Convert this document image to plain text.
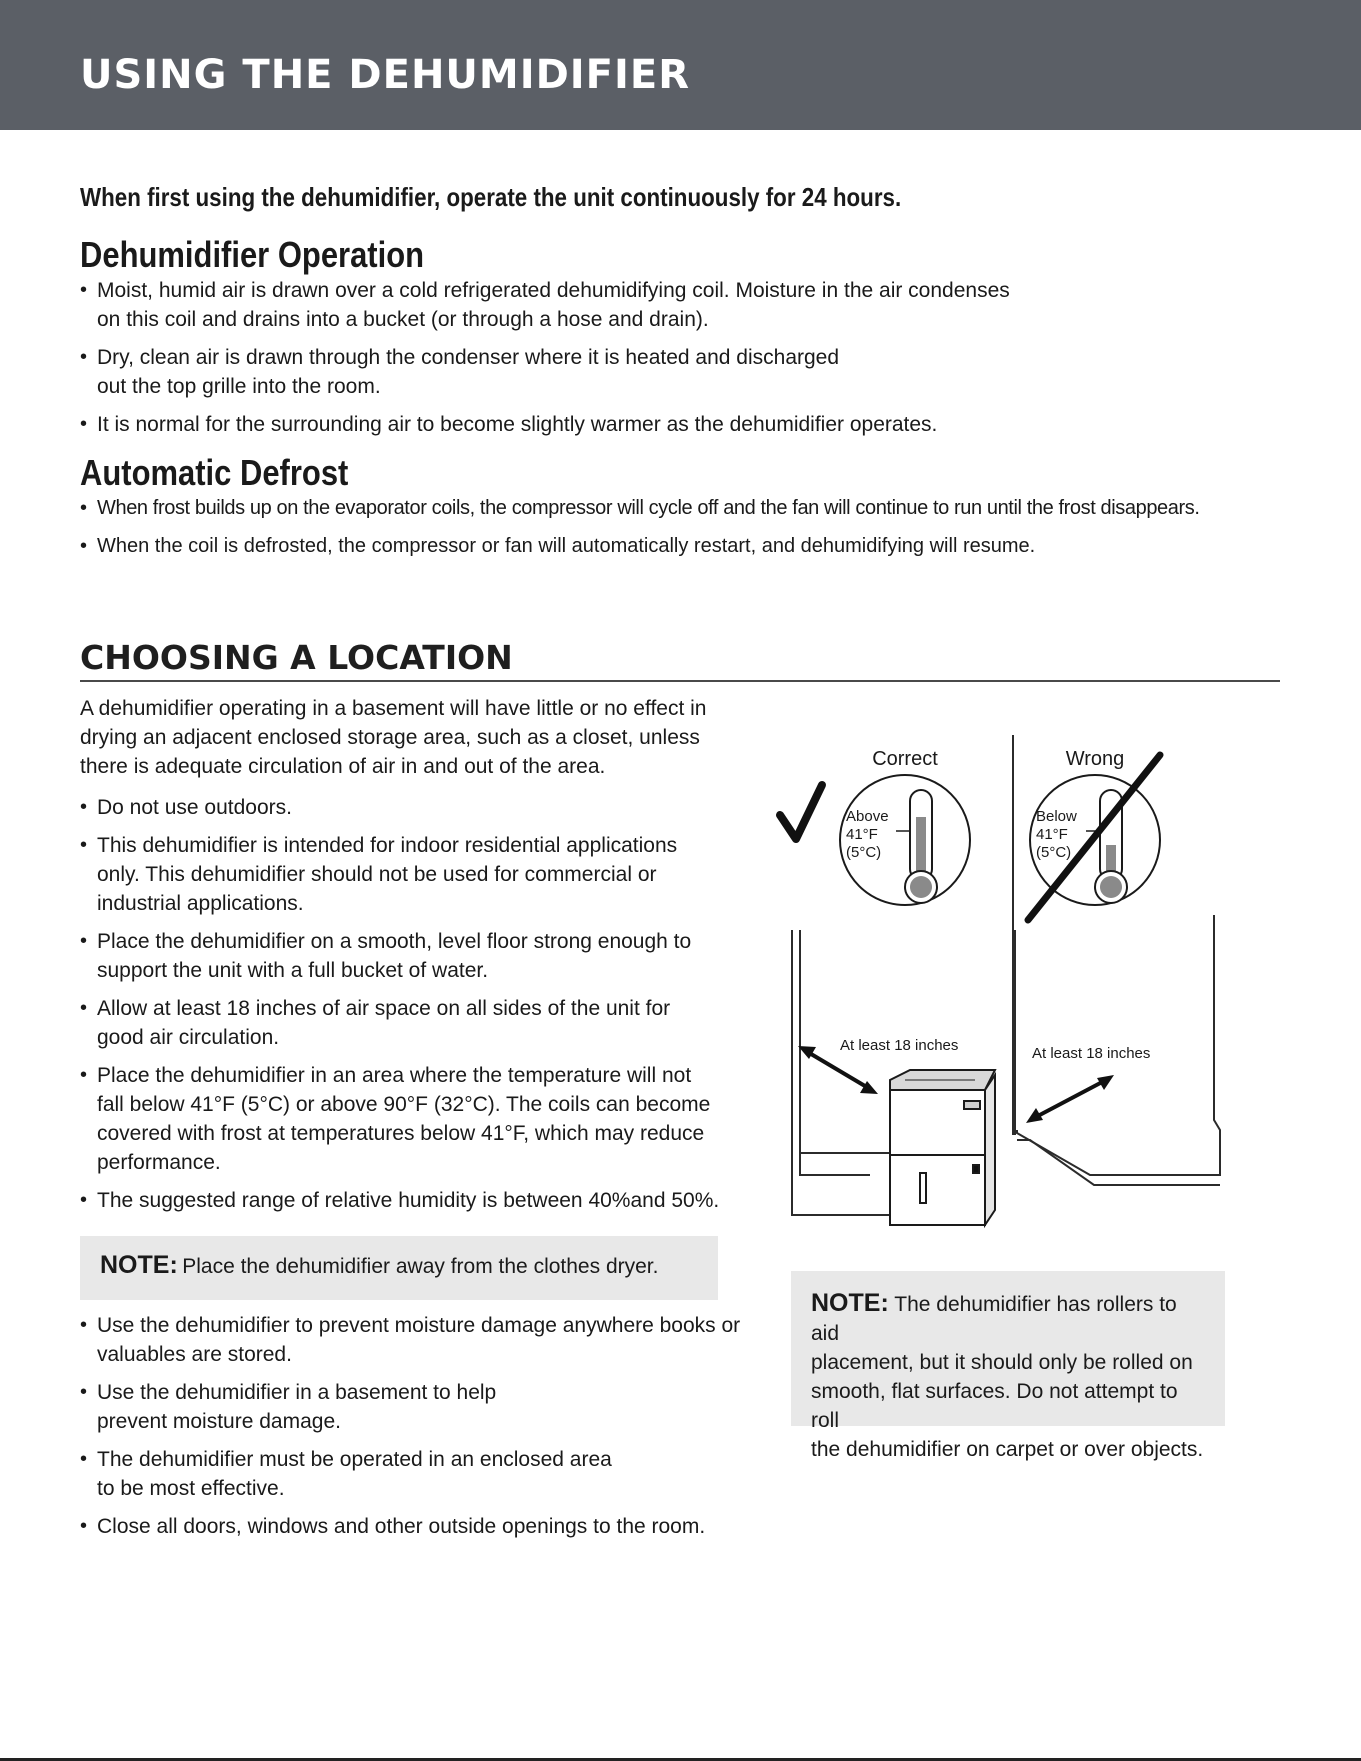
USING THE DEHUMIDIFIER

When first using the dehumidifier, operate the unit continuously for 24 hours.

Dehumidifier Operation
• Moist, humid air is drawn over a cold refrigerated dehumidifying coil. Moisture in the air condenses
on this coil and drains into a bucket (or through a hose and drain).
• Dry, clean air is drawn through the condenser where it is heated and discharged
out the top grille into the room.
• It is normal for the surrounding air to become slightly warmer as the dehumidifier operates.
Automatic Defrost
• When frost builds up on the evaporator coils, the compressor will cycle off and the fan will continue to run until the frost disappears.
• When the coil is defrosted, the compressor or fan will automatically restart, and dehumidifying will resume.
CHOOSING A LOCATION
A dehumidifier operating in a basement will have little or no effect in
drying an adjacent enclosed storage area, such as a closet, unless
there is adequate circulation of air in and out of the area.
• Do not use outdoors.
• This dehumidifier is intended for indoor residential applications
only. This dehumidifier should not be used for commercial or
industrial applications.
• Place the dehumidifier on a smooth, level floor strong enough to
support the unit with a full bucket of water.
• Allow at least 18 inches of air space on all sides of the unit for
good air circulation.
• Place the dehumidifier in an area where the temperature will not
fall below 41°F (5°C) or above 90°F (32°C). The coils can become
covered with frost at temperatures below 41°F, which may reduce
performance.
• The suggested range of relative humidity is between 40%and 50%.
NOTE: Place the dehumidifier away from the clothes dryer.
• Use the dehumidifier to prevent moisture damage anywhere books or
valuables are stored.
• Use the dehumidifier in a basement to help
prevent moisture damage.
• The dehumidifier must be operated in an enclosed area
to be most effective.
• Close all doors, windows and other outside openings to the room.
NOTE: The dehumidifier has rollers to aid
placement, but it should only be rolled on
smooth, flat surfaces. Do not attempt to roll
the dehumidifier on carpet or over objects.
Correct
Above
41°F
(5°C)
Wrong
Below
41°F
(5°C)
At least 18 inches	At least 18 inches
